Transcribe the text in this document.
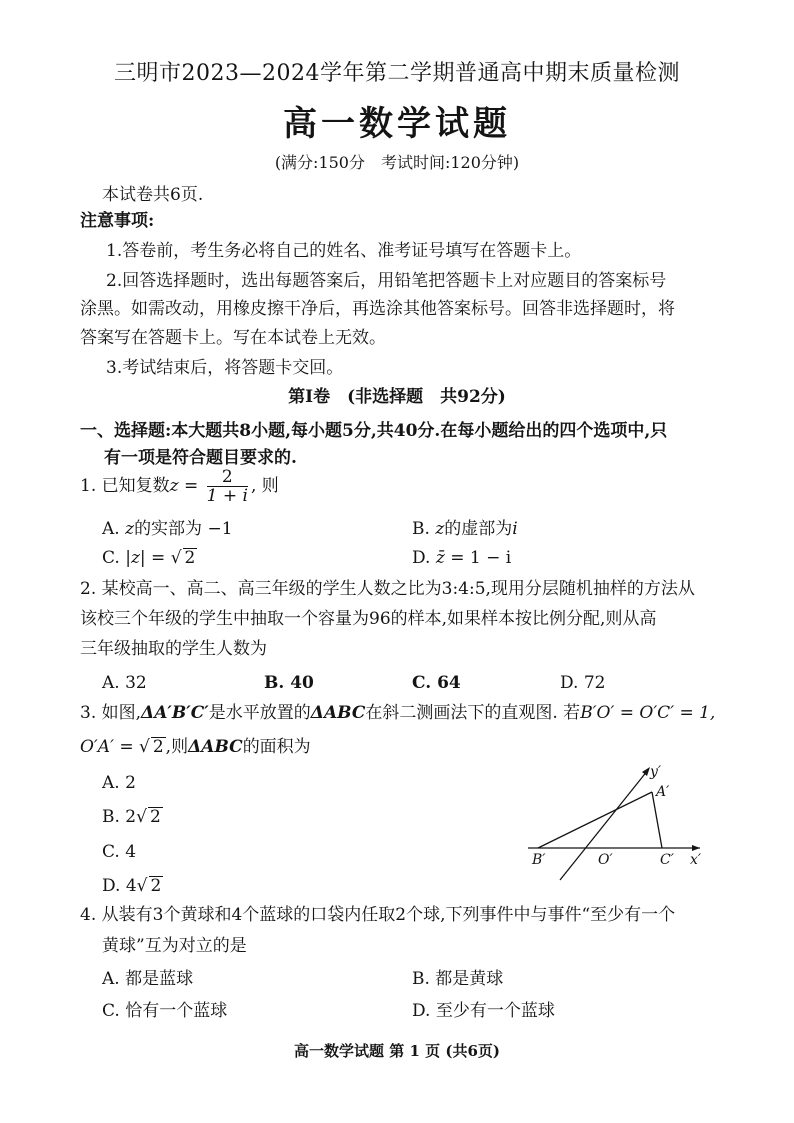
三明市2023—2024学年第二学期普通高中期末质量检测
高一数学试题
(满分:150分　考试时间:120分钟)
本试卷共6页.
注意事项:
1.答卷前，考生务必将自己的姓名、准考证号填写在答题卡上。
2.回答选择题时，选出每题答案后，用铅笔把答题卡上对应题目的答案标号
涂黑。如需改动，用橡皮擦干净后，再选涂其他答案标号。回答非选择题时，将
答案写在答题卡上。写在本试卷上无效。
3.考试结束后，将答题卡交回。
第Ⅰ卷　(非选择题　共92分)
一、选择题:本大题共8小题,每小题5分,共40分.在每小题给出的四个选项中,只
有一项是符合题目要求的.
1. 已知复数$z = \frac{2}{1 + i}$ , 则
A. z的实部为 −1	B. z的虚部为i
C. |z| = √ 2	D. z̄ = 1 − i
2. 某校高一、高二、高三年级的学生人数之比为3:4:5,现用分层随机抽样的方法从
该校三个年级的学生中抽取一个容量为96的样本,如果样本按比例分配,则从高
三年级抽取的学生人数为
A. 32	B. 40	C. 64	D. 72
3. 如图,ΔA′B′C′是水平放置的ΔABC在斜二测画法下的直观图. 若B′O′ = O′C′ = 1,
O′A′ = √ 2 ,则ΔABC的面积为
A. 2
B. 2√ 2
C. 4
D. 4√ 2
y′
A′
B′	O′	C′ x′
4. 从装有3个黄球和4个蓝球的口袋内任取2个球,下列事件中与事件“至少有一个
黄球”互为对立的是
A. 都是蓝球	B. 都是黄球
C. 恰有一个蓝球	D. 至少有一个蓝球
高一数学试题 第 1 页 (共6页)
